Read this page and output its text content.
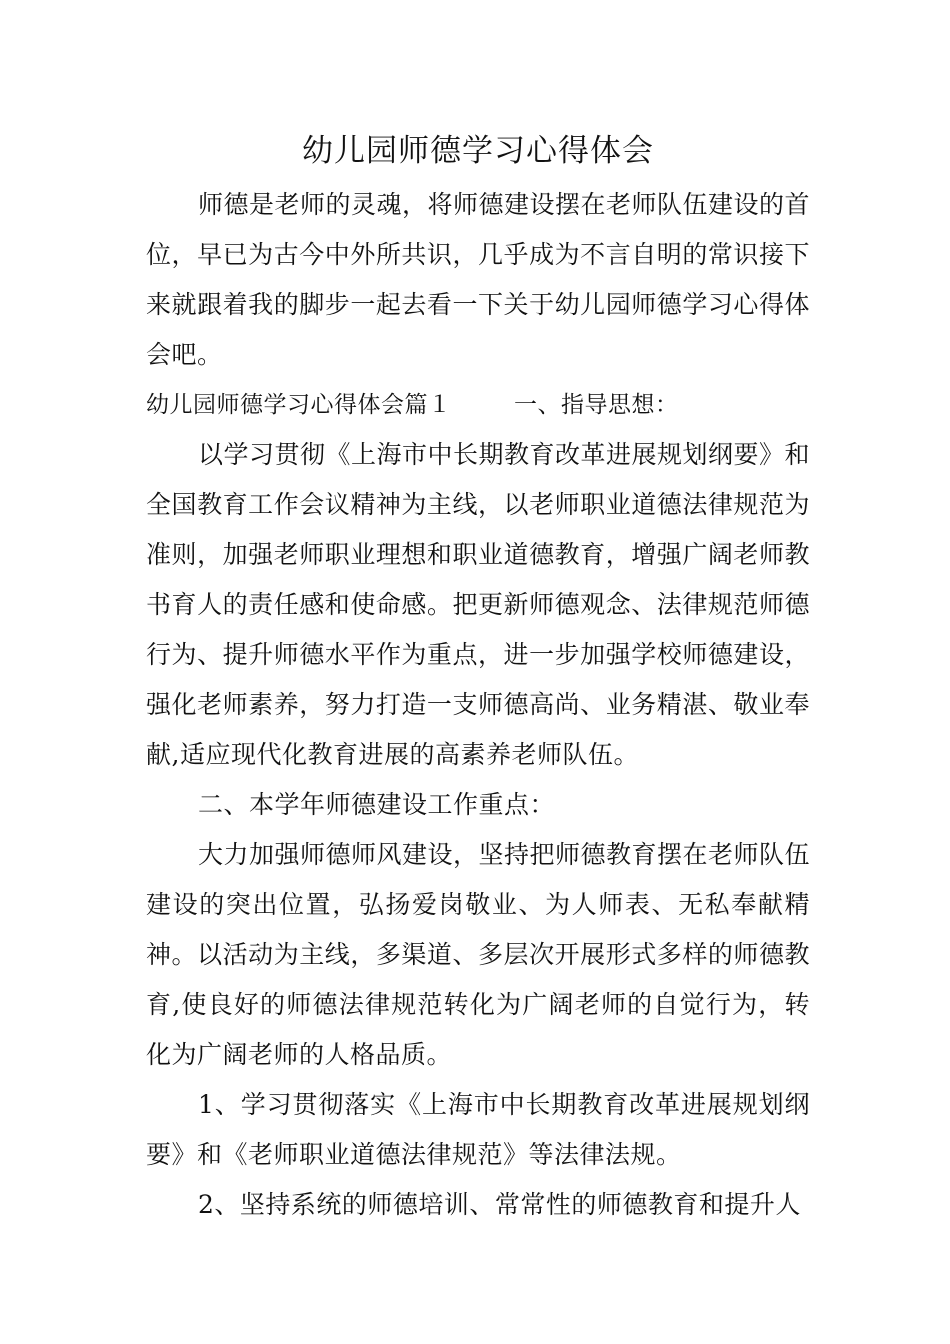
幼儿园师德学习心得体会

师德是老师的灵魂，将师德建设摆在老师队伍建设的首位，早已为古今中外所共识，几乎成为不言自明的常识接下来就跟着我的脚步一起去看一下关于幼儿园师德学习心得体会吧。

幼儿园师德学习心得体会篇１	一、指导思想：

以学习贯彻《上海市中长期教育改革进展规划纲要》和全国教育工作会议精神为主线，以老师职业道德法律规范为准则，加强老师职业理想和职业道德教育，增强广阔老师教书育人的责任感和使命感。把更新师德观念、法律规范师德行为、提升师德水平作为重点，进一步加强学校师德建设，强化老师素养，努力打造一支师德高尚、业务精湛、敬业奉献,适应现代化教育进展的高素养老师队伍。

二、本学年师德建设工作重点：

大力加强师德师风建设，坚持把师德教育摆在老师队伍建设的突出位置，弘扬爱岗敬业、为人师表、无私奉献精神。以活动为主线，多渠道、多层次开展形式多样的师德教育,使良好的师德法律规范转化为广阔老师的自觉行为，转化为广阔老师的人格品质。

1、学习贯彻落实《上海市中长期教育改革进展规划纲要》和《老师职业道德法律规范》等法律法规。

2、坚持系统的师德培训、常常性的师德教育和提升人
